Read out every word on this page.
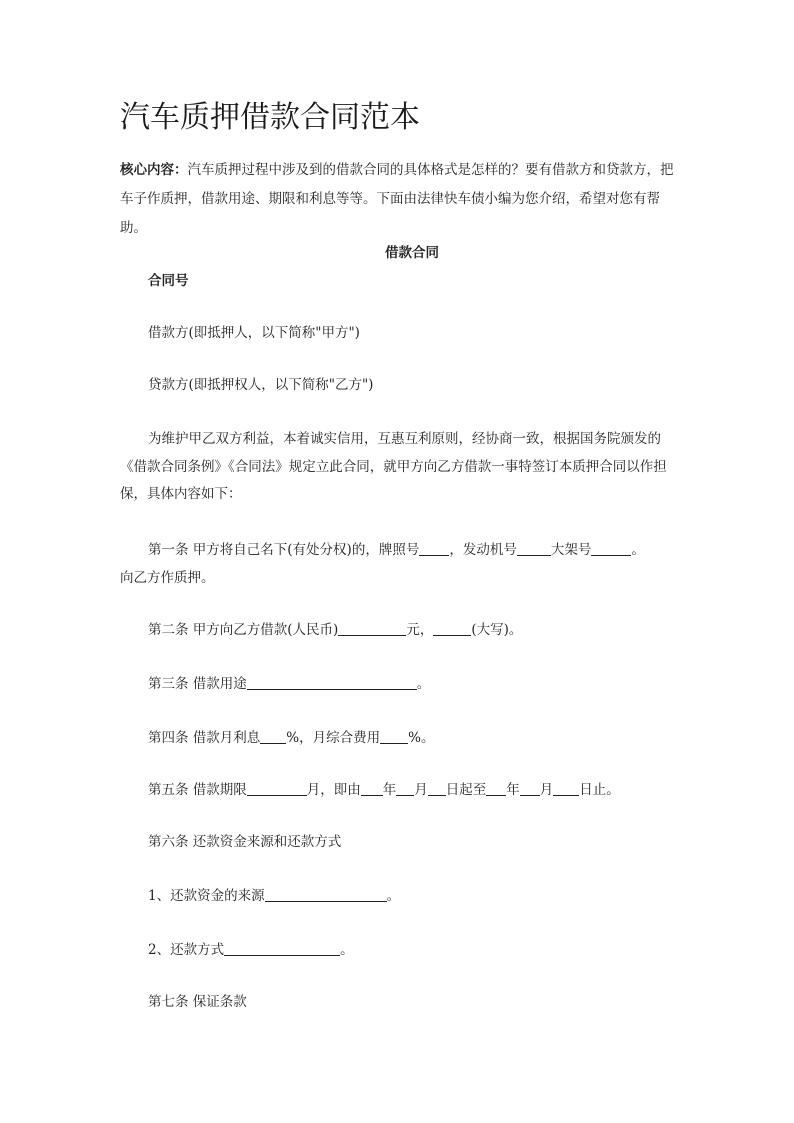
汽车质押借款合同范本

核心内容：汽车质押过程中涉及到的借款合同的具体格式是怎样的？要有借款方和贷款方，把车子作质押，借款用途、期限和利息等等。下面由法律快车债小编为您介绍，希望对您有帮助。

借款合同

合同号

借款方(即抵押人，以下简称"甲方")

贷款方(即抵押权人，以下简称"乙方")

为维护甲乙双方利益，本着诚实信用，互惠互利原则，经协商一致，根据国务院颁发的《借款合同条例》《合同法》规定立此合同，就甲方向乙方借款一事特签订本质押合同以作担保，具体内容如下：

第一条 甲方将自己名下(有处分权)的，牌照号 ，发动机号	大架号	。

向乙方作质押。

第二条 甲方向乙方借款(人民币)	元，	(大写)。

第三条 借款用途	。

第四条 借款月利息 %，月综合费用 %。

第五条 借款期限	月，即由 年 月 日起至 年 月 日止。

第六条 还款资金来源和还款方式

1、还款资金的来源	。

2、还款方式	。

第七条 保证条款
